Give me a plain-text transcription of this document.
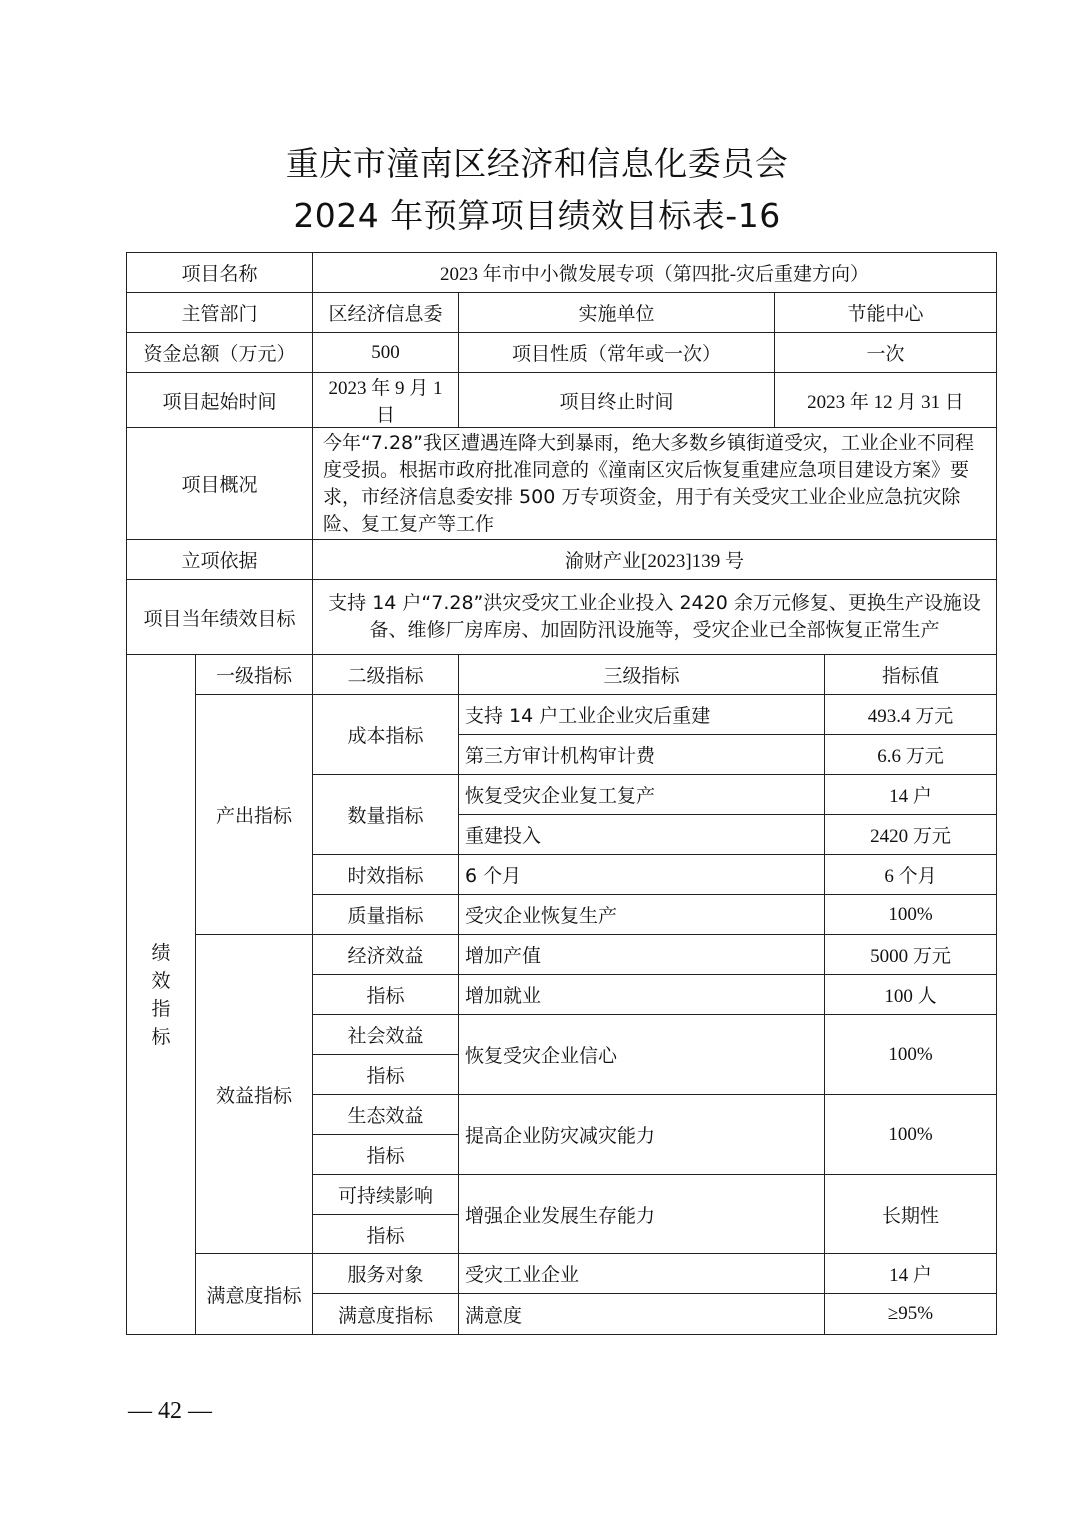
重庆市潼南区经济和信息化委员会
2024 年预算项目绩效目标表-16
项目名称		2023 年市中小微发展专项（第四批-灾后重建方向）			
主管部门		区经济信息委	实施单位	节能中心	
资金总额（万元）		500	项目性质（常年或一次）	一次	
项目起始时间		2023 年 9 月 1 日	项目终止时间	2023 年 12 月 31 日	
项目概况		今年“7.28”我区遭遇连降大到暴雨，绝大多数乡镇街道受灾，工业企业不同程度受损。根据市政府批准同意的《潼南区灾后恢复重建应急项目建设方案》要求，市经济信息委安排 500 万专项资金，用于有关受灾工业企业应急抗灾除险、复工复产等工作			
立项依据		渝财产业[2023]139 号			
项目当年绩效目标		支持 14 户“7.28”洪灾受灾工业企业投入 2420 余万元修复、更换生产设施设备、维修厂房库房、加固防汛设施等，受灾企业已全部恢复正常生产			
绩
效
指
标	一级指标	二级指标	三级指标		指标值
	产出指标	成本指标	支持 14 户工业企业灾后重建		493.4 万元
			第三方审计机构审计费		6.6 万元
		数量指标	恢复受灾企业复工复产		14 户
			重建投入		2420 万元
		时效指标	6 个月		6 个月
		质量指标	受灾企业恢复生产		100%
	效益指标	经济效益	增加产值		5000 万元
		指标	增加就业		100 人
		社会效益	恢复受灾企业信心		100%
		指标			
		生态效益	提高企业防灾减灾能力		100%
		指标			
		可持续影响	增强企业发展生存能力		长期性
		指标			
	满意度指标	服务对象	受灾工业企业		14 户
		满意度指标	满意度		≥95%
— 42 —
